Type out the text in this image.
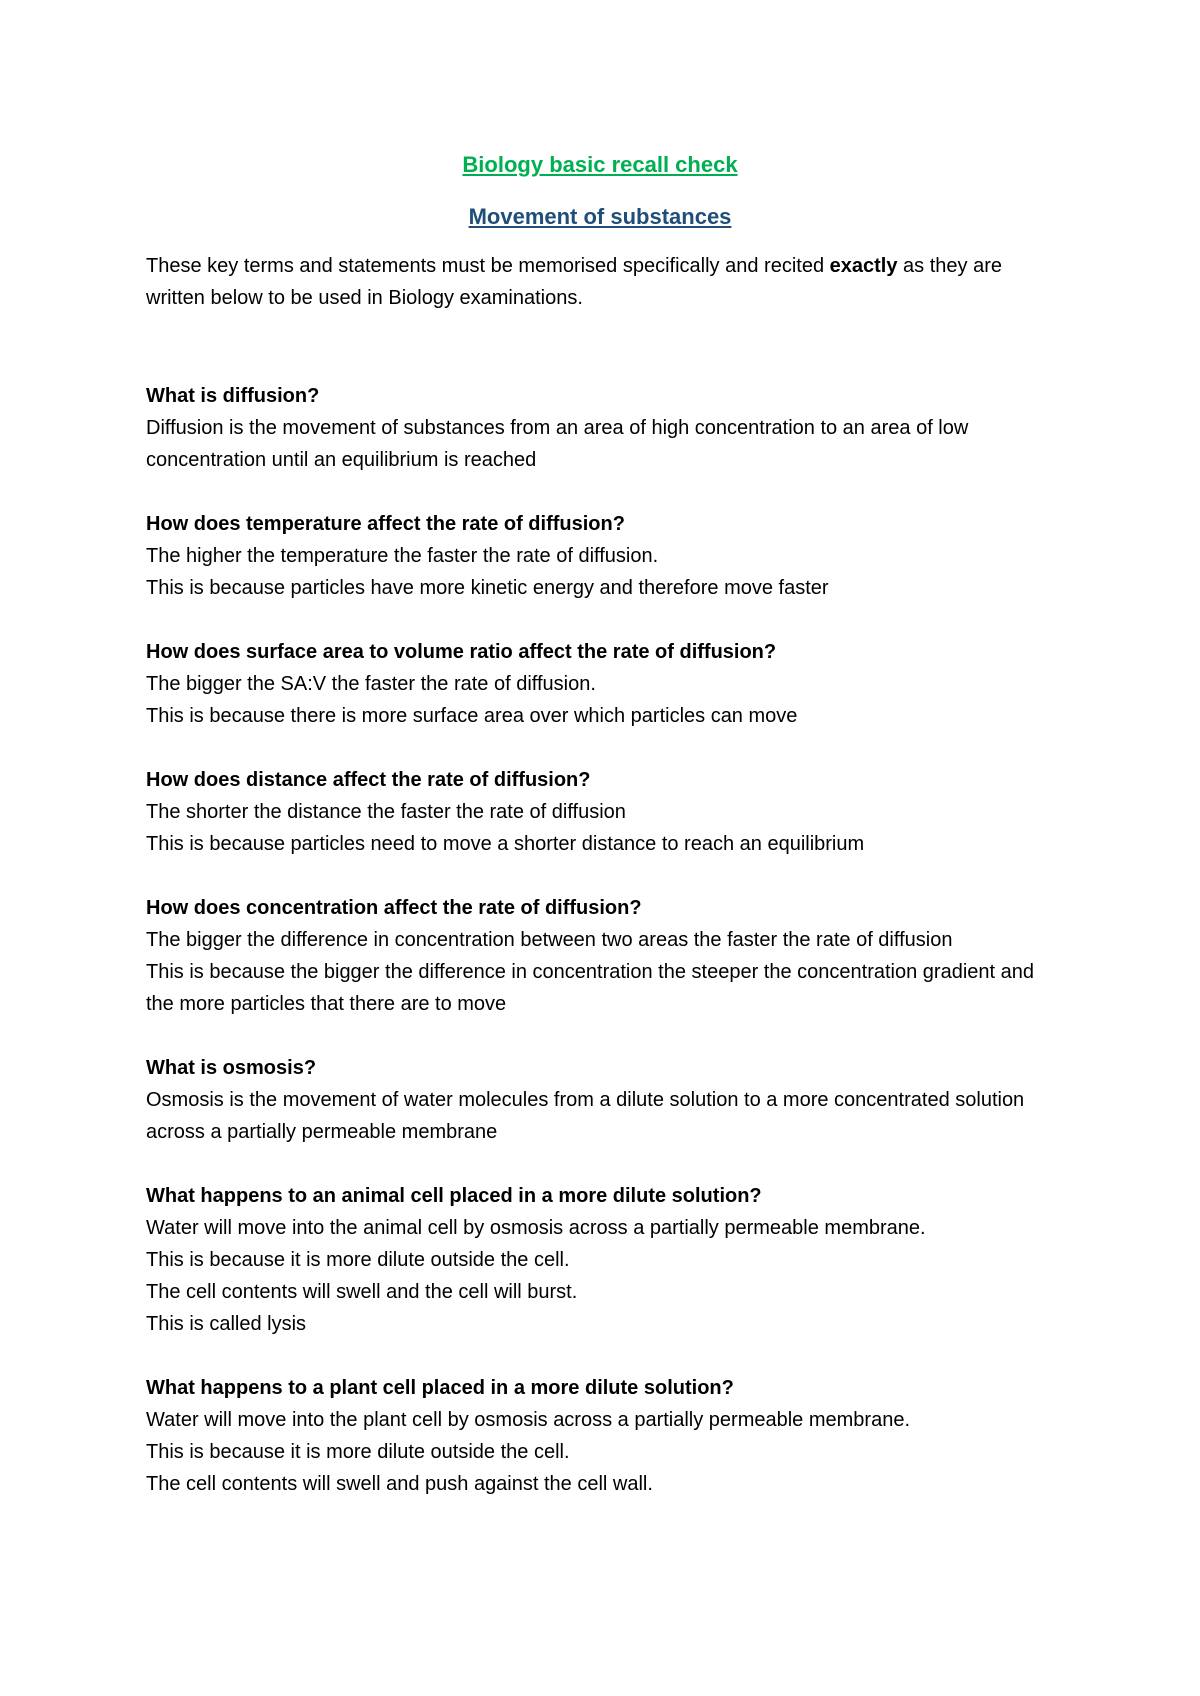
Biology basic recall check
Movement of substances

These key terms and statements must be memorised specifically and recited exactly as they are written below to be used in Biology examinations.

What is diffusion?
Diffusion is the movement of substances from an area of high concentration to an area of low concentration until an equilibrium is reached
How does temperature affect the rate of diffusion?
The higher the temperature the faster the rate of diffusion.
This is because particles have more kinetic energy and therefore move faster
How does surface area to volume ratio affect the rate of diffusion?
The bigger the SA:V the faster the rate of diffusion.
This is because there is more surface area over which particles can move
How does distance affect the rate of diffusion?
The shorter the distance the faster the rate of diffusion
This is because particles need to move a shorter distance to reach an equilibrium
How does concentration affect the rate of diffusion?
The bigger the difference in concentration between two areas the faster the rate of diffusion
This is because the bigger the difference in concentration the steeper the concentration gradient and the more particles that there are to move
What is osmosis?
Osmosis is the movement of water molecules from a dilute solution to a more concentrated solution across a partially permeable membrane
What happens to an animal cell placed in a more dilute solution?
Water will move into the animal cell by osmosis across a partially permeable membrane.
This is because it is more dilute outside the cell.
The cell contents will swell and the cell will burst.
This is called lysis
What happens to a plant cell placed in a more dilute solution?
Water will move into the plant cell by osmosis across a partially permeable membrane.
This is because it is more dilute outside the cell.
The cell contents will swell and push against the cell wall.
